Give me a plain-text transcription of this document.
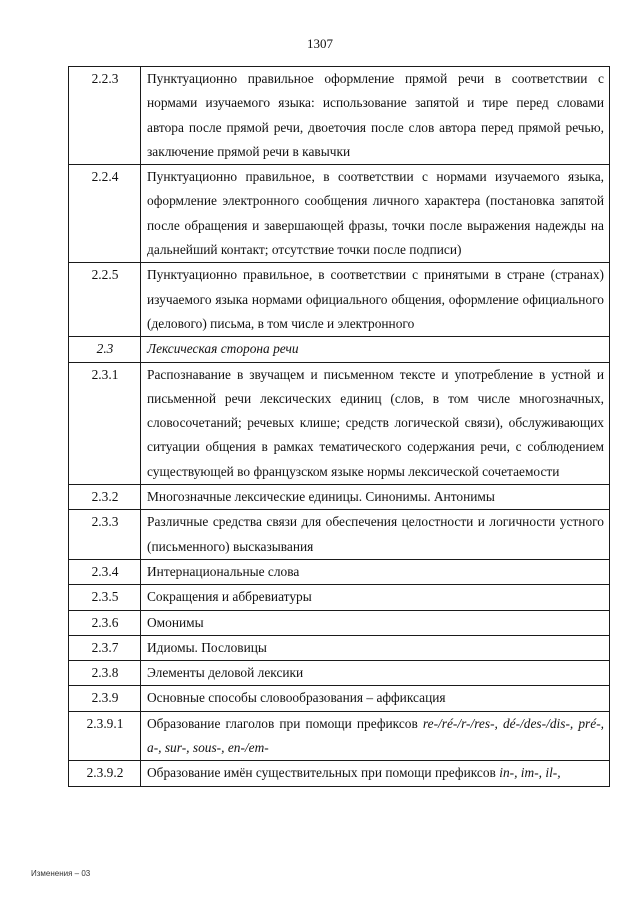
1307
2.2.3	Пунктуационно правильное оформление прямой речи в соответствии с нормами изучаемого языка: использование запятой и тире перед словами автора после прямой речи, двоеточия после слов автора перед прямой речью, заключение прямой речи в кавычки
2.2.4	Пунктуационно правильное, в соответствии с нормами изучаемого языка, оформление электронного сообщения личного характера (постановка запятой после обращения и завершающей фразы, точки после выражения надежды на дальнейший контакт; отсутствие точки после подписи)
2.2.5	Пунктуационно правильное, в соответствии с принятыми в стране (странах) изучаемого языка нормами официального общения, оформление официального (делового) письма, в том числе и электронного
2.3	Лексическая сторона речи
2.3.1	Распознавание в звучащем и письменном тексте и употребление в устной и письменной речи лексических единиц (слов, в том числе многозначных, словосочетаний; речевых клише; средств логической связи), обслуживающих ситуации общения в рамках тематического содержания речи, с соблюдением существующей во французском языке нормы лексической сочетаемости
2.3.2	Многозначные лексические единицы. Синонимы. Антонимы
2.3.3	Различные средства связи для обеспечения целостности и логичности устного (письменного) высказывания
2.3.4	Интернациональные слова
2.3.5	Сокращения и аббревиатуры
2.3.6	Омонимы
2.3.7	Идиомы. Пословицы
2.3.8	Элементы деловой лексики
2.3.9	Основные способы словообразования – аффиксация
2.3.9.1	Образование глаголов при помощи префиксов re-/ré-/r-/res-, dé-/des-/dis-, pré-, a-, sur-, sous-, en-/em-
2.3.9.2	Образование имён существительных при помощи префиксов in-, im-, il-,
Изменения – 03
